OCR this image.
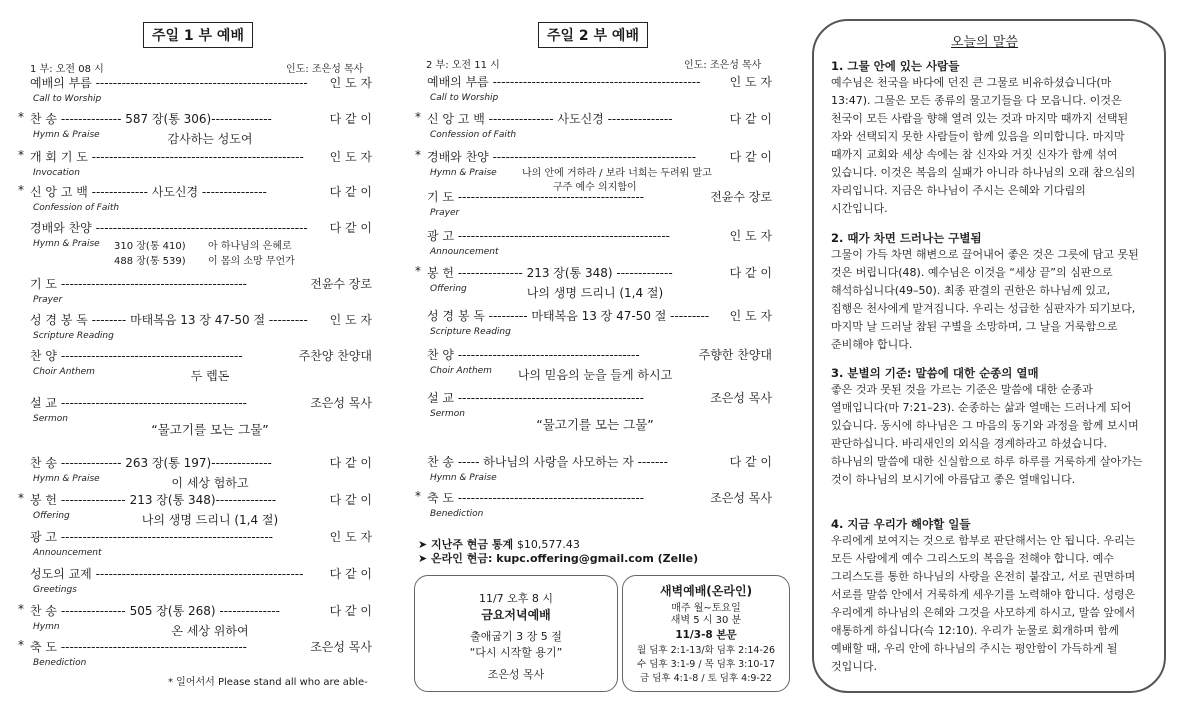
주일 1 부 예배
1 부: 오전 08 시	인도: 조은성 목사
예배의 부름 -------------------------------------------------	인 도 자
Call to Worship
* 찬 송 -------------- 587 장(통 306)--------------	다 같 이
Hymn & Praise	감사하는 성도여
* 개 회 기 도 -------------------------------------------------	인 도 자
Invocation
* 신 앙 고 백 ------------- 사도신경 ---------------	다 같 이
Confession of Faith
경배와 찬양 -------------------------------------------------	다 같 이
Hymn & Praise
기 도 -------------------------------------------	전윤수 장로
Prayer
성 경 봉 독 -------- 마태복음 13 장 47-50 절 ---------	인 도 자
Scripture Reading
찬 양 ------------------------------------------	주찬양 찬양대
Choir Anthem	두 렙돈
설 교 -------------------------------------------	조은성 목사
Sermon
“물고기를 모는 그물”
찬 송 -------------- 263 장(통 197)--------------	다 같 이
Hymn & Praise	이 세상 험하고
* 봉 헌 --------------- 213 장(통 348)--------------	다 같 이
Offering	나의 생명 드리니 (1,4 절)
광 고 -------------------------------------------------	인 도 자
Announcement
성도의 교제 ------------------------------------------------	다 같 이
Greetings
* 찬 송 --------------- 505 장(통 268) --------------	다 같 이
Hymn	온 세상 위하여
* 축 도 -------------------------------------------	조은성 목사
Benediction
310 장(통 410) 아 하나님의 은혜로
488 장(통 539) 이 몸의 소망 무언가
* 일어서서 Please stand all who are able-
주일 2 부 예배
2 부: 오전 11 시	인도: 조은성 목사
예배의 부름 ------------------------------------------------	인 도 자
Call to Worship
* 신 앙 고 백 --------------- 사도신경 ---------------	다 같 이
Confession of Faith
* 경배와 찬양 -----------------------------------------------	다 같 이
Hymn & Praise
기 도 -------------------------------------------	전윤수 장로
Prayer
광 고 -------------------------------------------------	인 도 자
Announcement
* 봉 헌 --------------- 213 장(통 348) -------------	다 같 이
Offering	나의 생명 드리니 (1,4 절)
성 경 봉 독 --------- 마태복음 13 장 47-50 절 ---------	인 도 자
Scripture Reading
찬 양 ------------------------------------------	주향한 찬양대
Choir Anthem	나의 믿음의 눈을 들게 하시고
설 교 -------------------------------------------	조은성 목사
Sermon
“물고기를 모는 그물”
찬 송 ----- 하나님의 사랑을 사모하는 자 -------	다 같 이
Hymn & Praise
* 축 도 -------------------------------------------	조은성 목사
Benediction
나의 안에 거하라 / 보라 너희는 두려워 말고
구주 예수 의지함이
➤ 지난주 현금 통계 $10,577.43
➤ 온라인 현금: kupc.offering@gmail.com (Zelle)
11/7 오후 8 시
금요저녁예배
출애굽기 3 장 5 절
“다시 시작할 용기”
조은성 목사
새벽예배(온라인)
매주 월~토요일
새벽 5 시 30 분
11/3-8 본문
월 딤후 2:1-13/화 딤후 2:14-26
수 딤후 3:1-9 / 목 딤후 3:10-17
금 딤후 4:1-8 / 토 딤후 4:9-22
오늘의 말씀
1. 그물 안에 있는 사람들
예수님은 천국을 바다에 던진 큰 그물로 비유하셨습니다(마 13:47). 그물은 모든 종류의 물고기들을 다 모읍니다. 이것은 천국이 모든 사람을 향해 열려 있는 것과 마지막 때까지 선택된 자와 선택되지 못한 사람들이 함께 있음을 의미합니다. 마지막 때까지 교회와 세상 속에는 참 신자와 거짓 신자가 함께 섞여 있습니다. 이것은 복음의 실패가 아니라 하나님의 오래 참으심의 자리입니다. 지금은 하나님이 주시는 은혜와 기다림의 시간입니다.
2. 때가 차면 드러나는 구별됨
그물이 가득 차면 해변으로 끌어내어 좋은 것은 그릇에 담고 못된 것은 버립니다(48). 예수님은 이것을 “세상 끝”의 심판으로 해석하십니다(49–50). 최종 판결의 권한은 하나님께 있고, 집행은 천사에게 맡겨집니다. 우리는 성급한 심판자가 되기보다, 마지막 날 드러날 참된 구별을 소망하며, 그 날을 거룩함으로 준비해야 합니다.
3. 분별의 기준: 말씀에 대한 순종의 열매
좋은 것과 못된 것을 가르는 기준은 말씀에 대한 순종과 열매입니다(마 7:21–23). 순종하는 삶과 열매는 드러나게 되어 있습니다. 동시에 하나님은 그 마음의 동기와 과정을 함께 보시며 판단하십니다. 바리새인의 외식을 경계하라고 하셨습니다. 하나님의 말씀에 대한 신실함으로 하루 하루를 거룩하게 살아가는 것이 하나님의 보시기에 아름답고 좋은 열매입니다.
4. 지금 우리가 해야할 일들
우리에게 보여지는 것으로 함부로 판단해서는 안 됩니다. 우리는 모든 사람에게 예수 그리스도의 복음을 전해야 합니다. 예수 그리스도를 통한 하나님의 사랑을 온전히 붙잡고, 서로 권면하며 서로를 말씀 안에서 거룩하게 세우기를 노력해야 합니다. 성령은 우리에게 하나님의 은혜와 그것을 사모하게 하시고, 말씀 앞에서 애통하게 하십니다(슥 12:10). 우리가 눈물로 회개하며 함께 예배할 때, 우리 안에 하나님의 주시는 평안함이 가득하게 될 것입니다.
